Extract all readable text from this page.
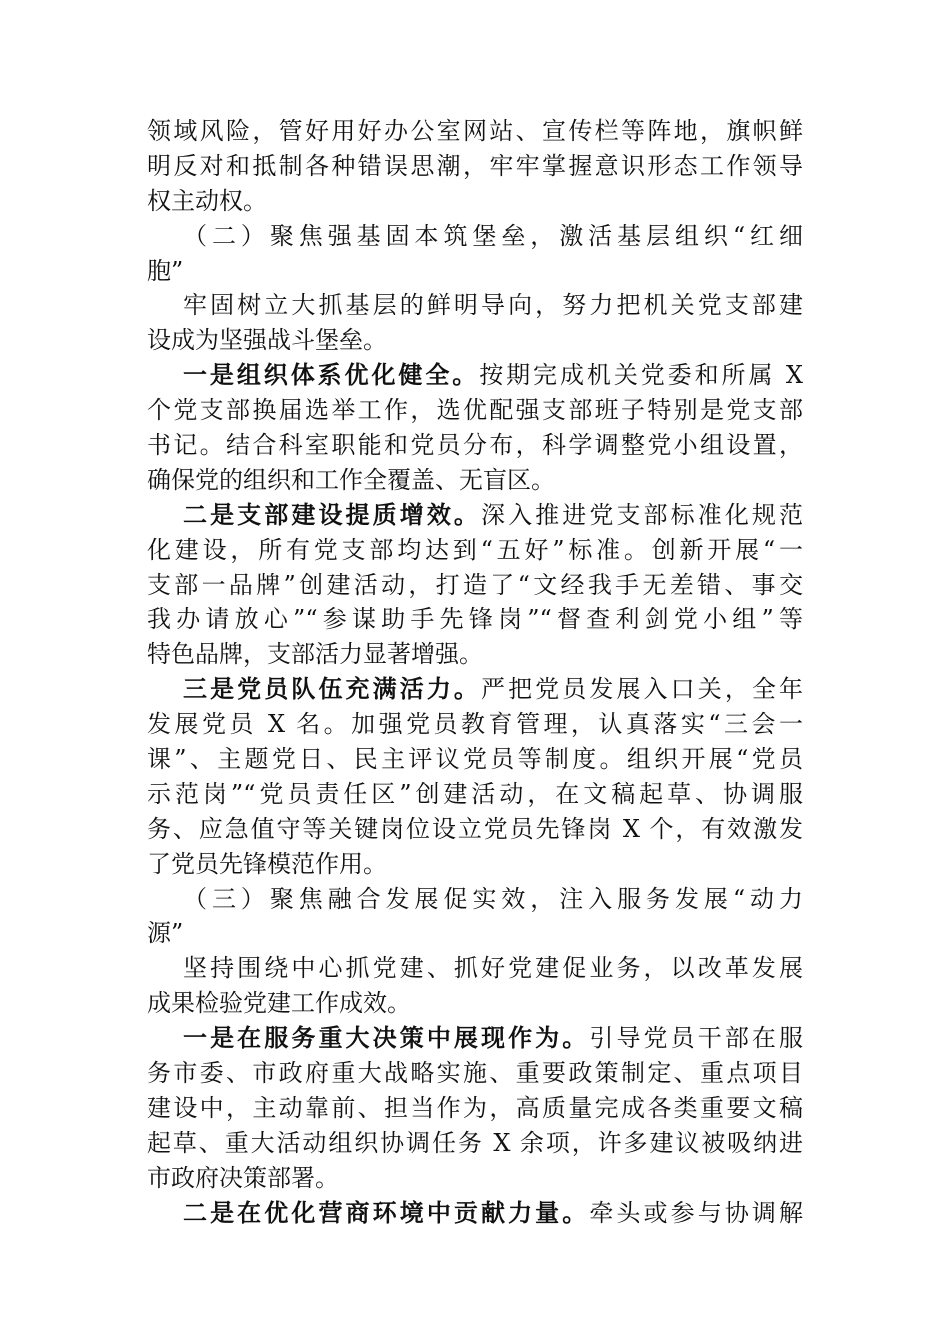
领域风险，管好用好办公室网站、宣传栏等阵地，旗帜鲜
明反对和抵制各种错误思潮，牢牢掌握意识形态工作领导
权主动权。
（二）聚焦强基固本筑堡垒，激活基层组织“红细
胞”
牢固树立大抓基层的鲜明导向，努力把机关党支部建
设成为坚强战斗堡垒。
一是组织体系优化健全。按期完成机关党委和所属 X
个党支部换届选举工作，选优配强支部班子特别是党支部
书记。结合科室职能和党员分布，科学调整党小组设置，
确保党的组织和工作全覆盖、无盲区。
二是支部建设提质增效。深入推进党支部标准化规范
化建设，所有党支部均达到“五好”标准。创新开展“一
支部一品牌”创建活动，打造了“文经我手无差错、事交
我办请放心”“参谋助手先锋岗”“督查利剑党小组”等
特色品牌，支部活力显著增强。
三是党员队伍充满活力。严把党员发展入口关，全年
发展党员 X 名。加强党员教育管理，认真落实“三会一
课”、主题党日、民主评议党员等制度。组织开展“党员
示范岗”“党员责任区”创建活动，在文稿起草、协调服
务、应急值守等关键岗位设立党员先锋岗 X 个，有效激发
了党员先锋模范作用。
（三）聚焦融合发展促实效，注入服务发展“动力
源”
坚持围绕中心抓党建、抓好党建促业务，以改革发展
成果检验党建工作成效。
一是在服务重大决策中展现作为。引导党员干部在服
务市委、市政府重大战略实施、重要政策制定、重点项目
建设中，主动靠前、担当作为，高质量完成各类重要文稿
起草、重大活动组织协调任务 X 余项，许多建议被吸纳进
市政府决策部署。
二是在优化营商环境中贡献力量。牵头或参与协调解
